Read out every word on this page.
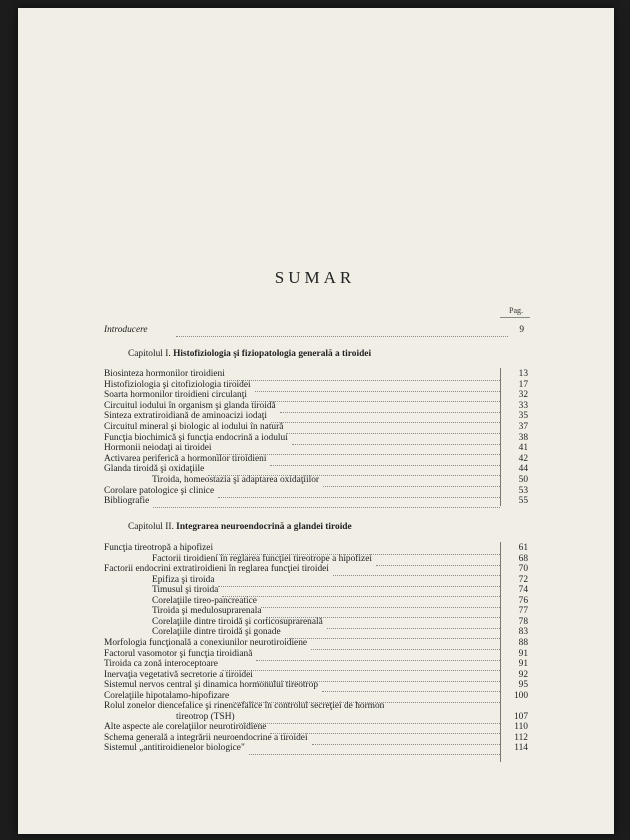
SUMAR
Pag.
Introducere	9
Capitolul I. Histofiziologia şi fiziopatologia generală a tiroidei
Biosinteza hormonilor tiroidieni	13
Histofiziologia şi citofiziologia tiroidei	17
Soarta hormonilor tiroidieni circulanţi	32
Circuitul iodului în organism şi glanda tiroidă	33
Sinteza extratiroidiană de aminoacizi iodaţi	35
Circuitul mineral şi biologic al iodului în natură	37
Funcţia biochimică şi funcţia endocrină a iodului	38
Hormonii neiodaţi ai tiroidei	41
Activarea periferică a hormonilor tiroidieni	42
Glanda tiroidă şi oxidaţiile	44
Tiroida, homeostazia şi adaptarea oxidaţiilor	50
Corolare patologice şi clinice	53
Bibliografie	55
Capitolul II. Integrarea neuroendocrină a glandei tiroide
Funcţia tireotropă a hipofizei	61
Factorii tiroidieni în reglarea funcţiei tireotrope a hipofizei	68
Factorii endocrini extratiroidieni în reglarea funcţiei tiroidei	70
Epifiza şi tiroida	72
Timusul şi tiroida	74
Corelaţiile tireo-pancreatice	76
Tiroida şi medulosuprarenala	77
Corelaţiile dintre tiroidă şi corticosuprarenală	78
Corelaţiile dintre tiroidă şi gonade	83
Morfologia funcţională a conexiunilor neurotiroidiene	88
Factorul vasomotor şi funcţia tiroidiană	91
Tiroida ca zonă interoceptoare	91
Inervaţia vegetativă secretorie a tiroidei	92
Sistemul nervos central şi dinamica hormonului tireotrop	95
Corelaţiile hipotalamo-hipofizare	100
Rolul zonelor diencefalice şi rinencefalice în controlul secreţiei de hormon
tireotrop (TSH)	107
Alte aspecte ale corelaţiilor neurotiroidiene	110
Schema generală a integrării neuroendocrine a tiroidei	112
Sistemul „antitiroidienelor biologice"	114
